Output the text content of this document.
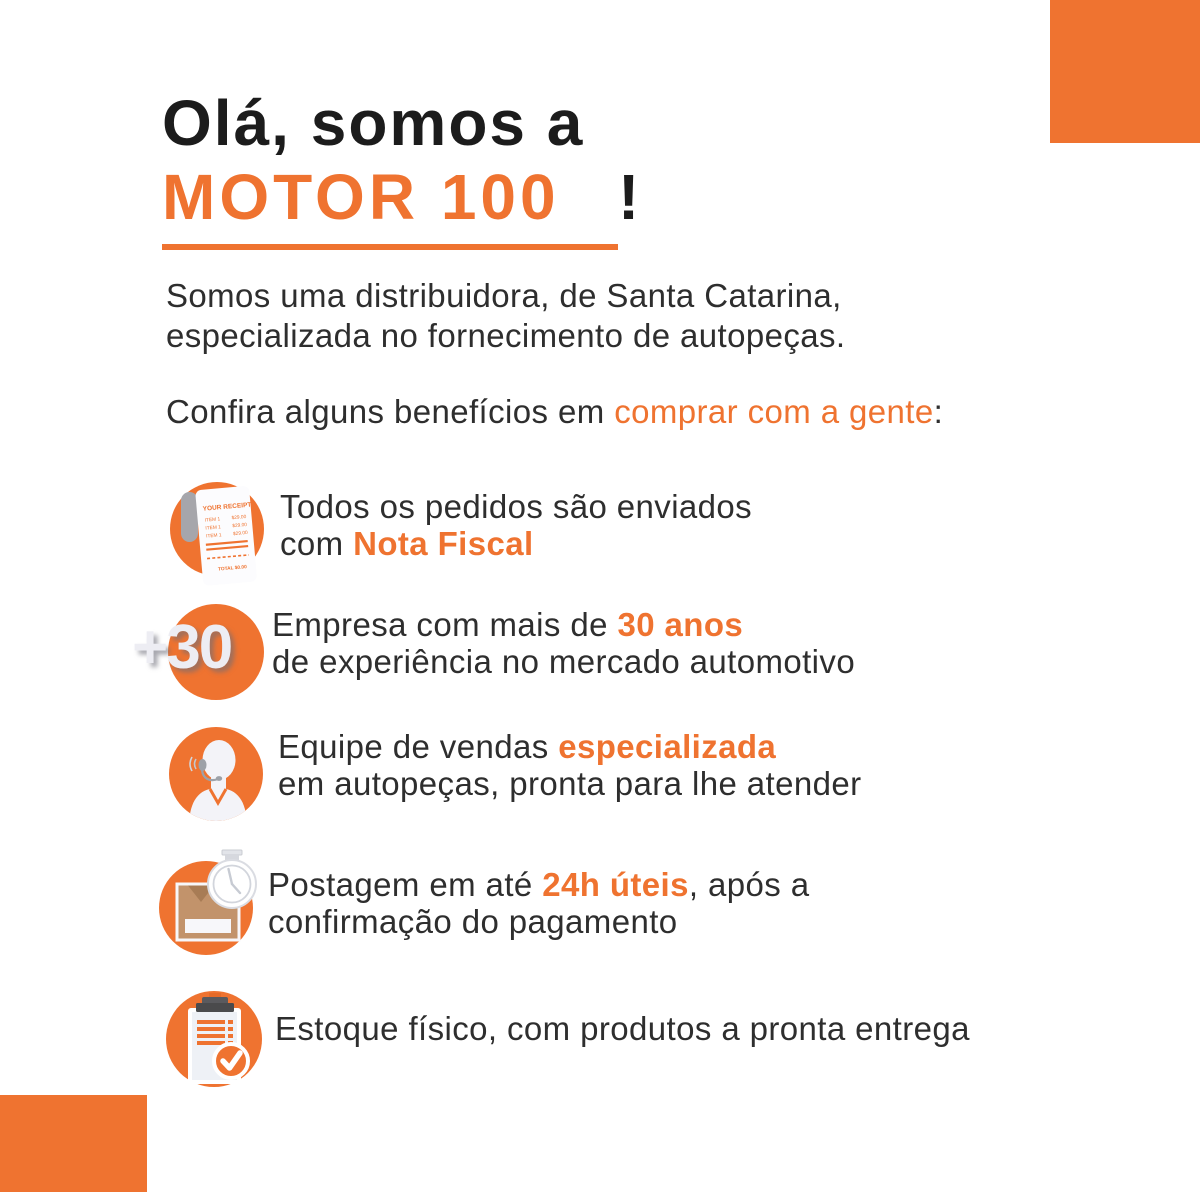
Olá, somos a
MOTOR 100 !
Somos uma distribuidora, de Santa Catarina,
especializada no fornecimento de autopeças.
Confira alguns benefícios em comprar com a gente:
YOUR RECEIPT
ITEM 1 $29.00
ITEM 1 $29.00
ITEM 1 $29.00
TOTAL $0.00
Todos os pedidos são enviados
com Nota Fiscal
+30 Empresa com mais de 30 anos
de experiência no mercado automotivo
Equipe de vendas especializada
em autopeças, pronta para lhe atender
Postagem em até 24h úteis, após a
confirmação do pagamento
Estoque físico, com produtos a pronta entrega
